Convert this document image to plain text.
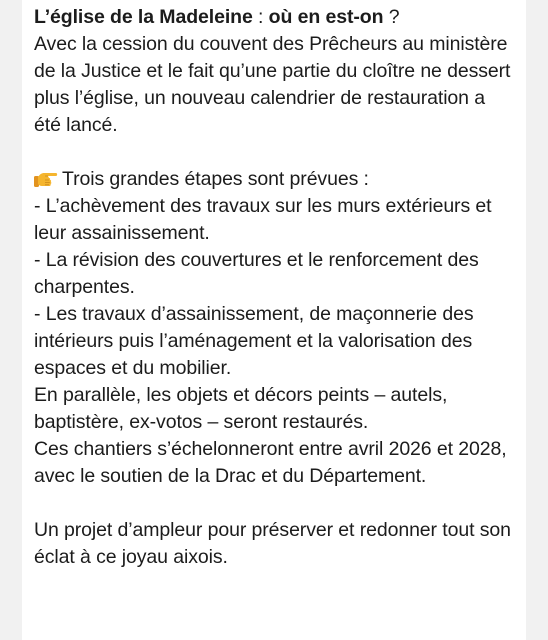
L’église de la Madeleine : où en est-on ?

Avec la cession du couvent des Prêcheurs au ministère de la Justice et le fait qu’une partie du cloître ne dessert plus l’église, un nouveau calendrier de restauration a été lancé.

Trois grandes étapes sont prévues :

- L’achèvement des travaux sur les murs extérieurs et leur assainissement.

- La révision des couvertures et le renforcement des charpentes.

- Les travaux d’assainissement, de maçonnerie des intérieurs puis l’aménagement et la valorisation des espaces et du mobilier.

En parallèle, les objets et décors peints – autels, baptistère, ex-votos – seront restaurés.

Ces chantiers s’échelonneront entre avril 2026 et 2028, avec le soutien de la Drac et du Département.

Un projet d’ampleur pour préserver et redonner tout son éclat à ce joyau aixois.
